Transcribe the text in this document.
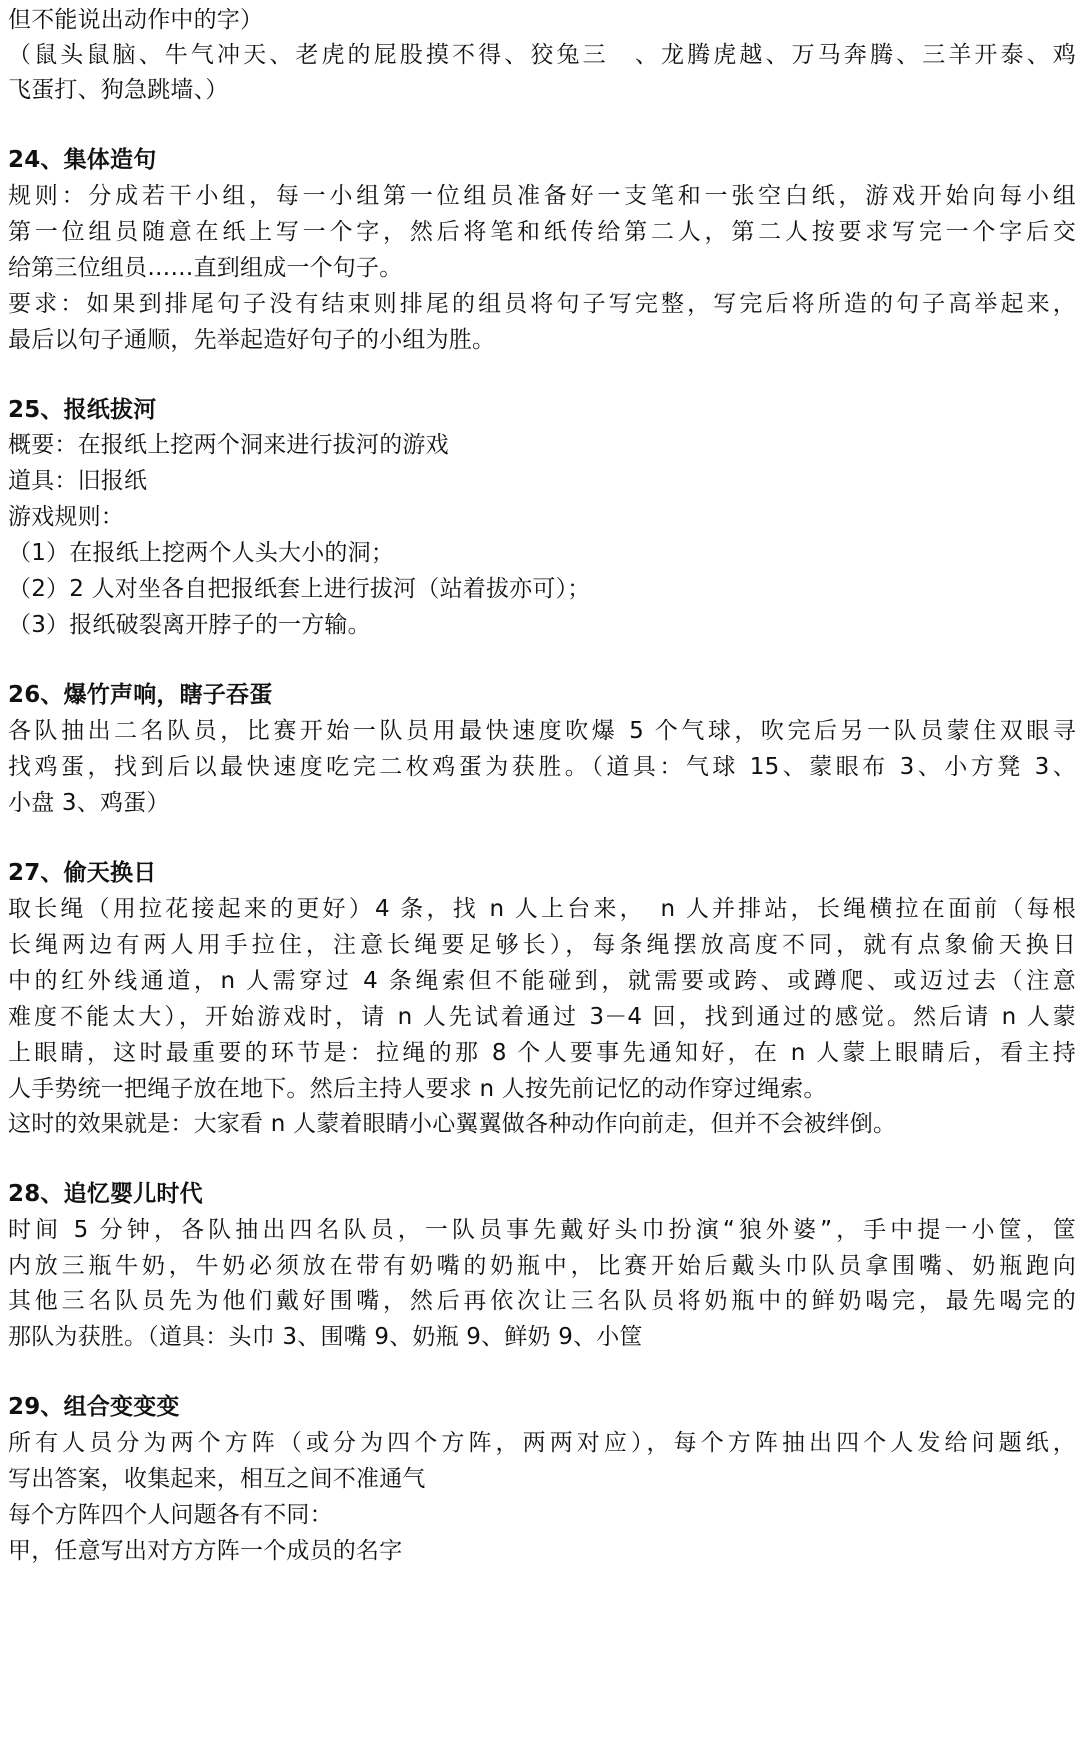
但不能说出动作中的字）
（鼠头鼠脑、牛气冲天、老虎的屁股摸不得、狡兔三　、龙腾虎越、万马奔腾、三羊开泰、鸡
飞蛋打、狗急跳墙、）
24、集体造句
规则：分成若干小组，每一小组第一位组员准备好一支笔和一张空白纸，游戏开始向每小组
第一位组员随意在纸上写一个字，然后将笔和纸传给第二人，第二人按要求写完一个字后交
给第三位组员……直到组成一个句子。
要求：如果到排尾句子没有结束则排尾的组员将句子写完整，写完后将所造的句子高举起来，
最后以句子通顺，先举起造好句子的小组为胜。
25、报纸拔河
概要：在报纸上挖两个洞来进行拔河的游戏
道具：旧报纸
游戏规则：
（1）在报纸上挖两个人头大小的洞；
（2）2 人对坐各自把报纸套上进行拔河（站着拔亦可）；
（3）报纸破裂离开脖子的一方输。
26、爆竹声响，瞎子吞蛋
各队抽出二名队员，比赛开始一队员用最快速度吹爆 5 个气球，吹完后另一队员蒙住双眼寻
找鸡蛋，找到后以最快速度吃完二枚鸡蛋为获胜。（道具：气球 15、蒙眼布 3、小方凳 3、
小盘 3、鸡蛋）
27、偷天换日
取长绳（用拉花接起来的更好）4 条，找 n 人上台来，　n 人并排站，长绳横拉在面前（每根
长绳两边有两人用手拉住，注意长绳要足够长），每条绳摆放高度不同，就有点象偷天换日
中的红外线通道，n 人需穿过 4 条绳索但不能碰到，就需要或跨、或蹲爬、或迈过去（注意
难度不能太大），开始游戏时，请 n 人先试着通过 3－4 回，找到通过的感觉。然后请 n 人蒙
上眼睛，这时最重要的环节是：拉绳的那 8 个人要事先通知好，在 n 人蒙上眼睛后，看主持
人手势统一把绳子放在地下。然后主持人要求 n 人按先前记忆的动作穿过绳索。
这时的效果就是：大家看 n 人蒙着眼睛小心翼翼做各种动作向前走，但并不会被绊倒。
28、追忆婴儿时代
时间 5 分钟，各队抽出四名队员，一队员事先戴好头巾扮演“狼外婆”，手中提一小筐，筐
内放三瓶牛奶，牛奶必须放在带有奶嘴的奶瓶中，比赛开始后戴头巾队员拿围嘴、奶瓶跑向
其他三名队员先为他们戴好围嘴，然后再依次让三名队员将奶瓶中的鲜奶喝完，最先喝完的
那队为获胜。（道具：头巾 3、围嘴 9、奶瓶 9、鲜奶 9、小筐
29、组合变变变
所有人员分为两个方阵（或分为四个方阵，两两对应），每个方阵抽出四个人发给问题纸，
写出答案，收集起来，相互之间不准通气
每个方阵四个人问题各有不同：
甲，任意写出对方方阵一个成员的名字
